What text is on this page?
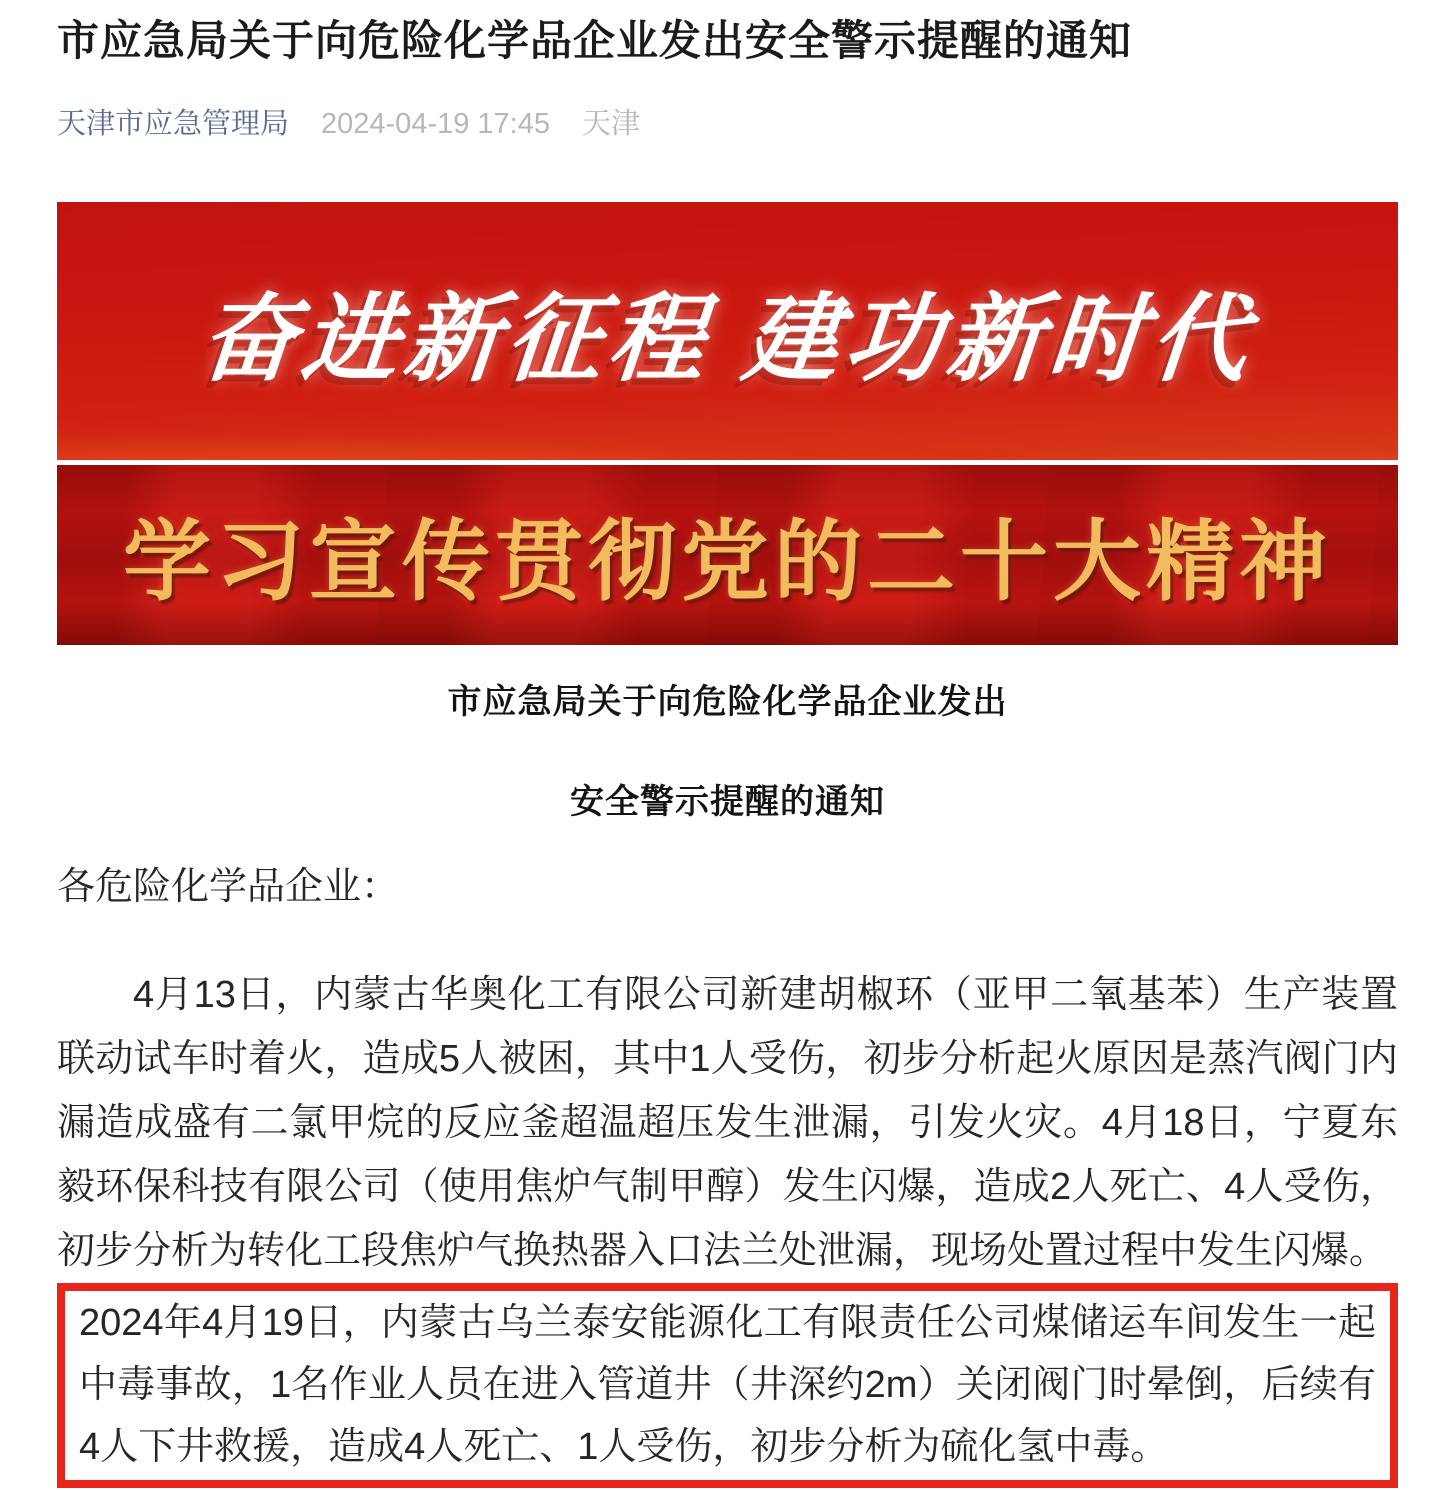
市应急局关于向危险化学品企业发出安全警示提醒的通知
天津市应急管理局 2024-04-19 17:45 天津
奋进新征程 建功新时代
学习宣传贯彻党的二十大精神
市应急局关于向危险化学品企业发出
安全警示提醒的通知

各危险化学品企业：

4月13日，内蒙古华奥化工有限公司新建胡椒环（亚甲二氧基苯）生产装置联动试车时着火，造成5人被困，其中1人受伤，初步分析起火原因是蒸汽阀门内漏造成盛有二氯甲烷的反应釜超温超压发生泄漏，引发火灾。4月18日，宁夏东毅环保科技有限公司（使用焦炉气制甲醇）发生闪爆，造成2人死亡、4人受伤，初步分析为转化工段焦炉气换热器入口法兰处泄漏，现场处置过程中发生闪爆。

2024年4月19日，内蒙古乌兰泰安能源化工有限责任公司煤储运车间发生一起中毒事故，1名作业人员在进入管道井（井深约2m）关闭阀门时晕倒，后续有4人下井救援，造成4人死亡、1人受伤，初步分析为硫化氢中毒。
